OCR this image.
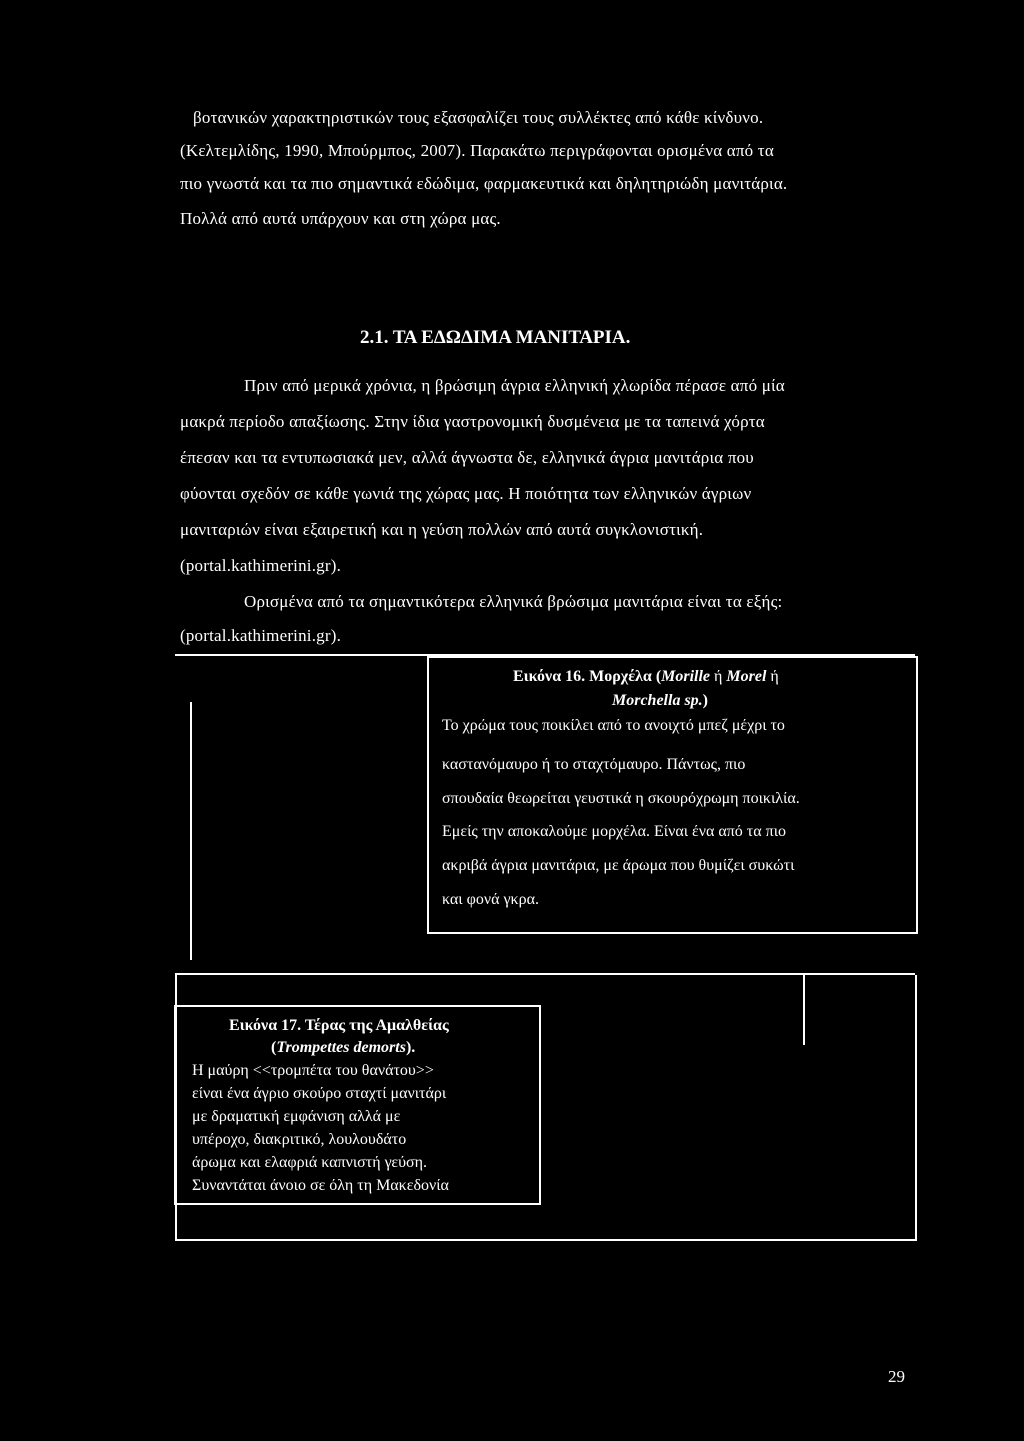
βοτανικών χαρακτηριστικών τους εξασφαλίζει τους συλλέκτες από κάθε κίνδυνο.
(Κελτεμλίδης, 1990, Μπούρμπος, 2007). Παρακάτω περιγράφονται ορισμένα από τα
πιο γνωστά και τα πιο σημαντικά εδώδιμα, φαρμακευτικά και δηλητηριώδη μανιτάρια.
Πολλά από αυτά υπάρχουν και στη χώρα μας.
2.1. ΤΑ ΕΔΩΔΙΜΑ ΜΑΝΙΤΑΡΙΑ.
Πριν από μερικά χρόνια, η βρώσιμη άγρια ελληνική χλωρίδα πέρασε από μία
μακρά περίοδο απαξίωσης. Στην ίδια γαστρονομική δυσμένεια με τα ταπεινά χόρτα
έπεσαν και τα εντυπωσιακά μεν, αλλά άγνωστα δε, ελληνικά άγρια μανιτάρια που
φύονται σχεδόν σε κάθε γωνιά της χώρας μας. Η ποιότητα των ελληνικών άγριων
μανιταριών είναι εξαιρετική και η γεύση πολλών από αυτά συγκλονιστική.
(portal.kathimerini.gr).
Ορισμένα από τα σημαντικότερα ελληνικά βρώσιμα μανιτάρια είναι τα εξής:
(portal.kathimerini.gr).
Εικόνα 16. Μορχέλα (Morille ή Morel ή
Morchella sp.)
Το χρώμα τους ποικίλει από το ανοιχτό μπεζ μέχρι το
καστανόμαυρο ή το σταχτόμαυρο. Πάντως, πιο
σπουδαία θεωρείται γευστικά η σκουρόχρωμη ποικιλία.
Εμείς την αποκαλούμε μορχέλα. Είναι ένα από τα πιο
ακριβά άγρια μανιτάρια, με άρωμα που θυμίζει συκώτι
και φονά γκρα.
Εικόνα 17. Τέρας της Αμαλθείας
(Trompettes demorts).
Η μαύρη <<τρομπέτα του θανάτου>>
είναι ένα άγριο σκούρο σταχτί μανιτάρι
με δραματική εμφάνιση αλλά με
υπέροχο, διακριτικό, λουλουδάτο
άρωμα και ελαφριά καπνιστή γεύση.
Συναντάται άνοιο σε όλη τη Μακεδονία
29
